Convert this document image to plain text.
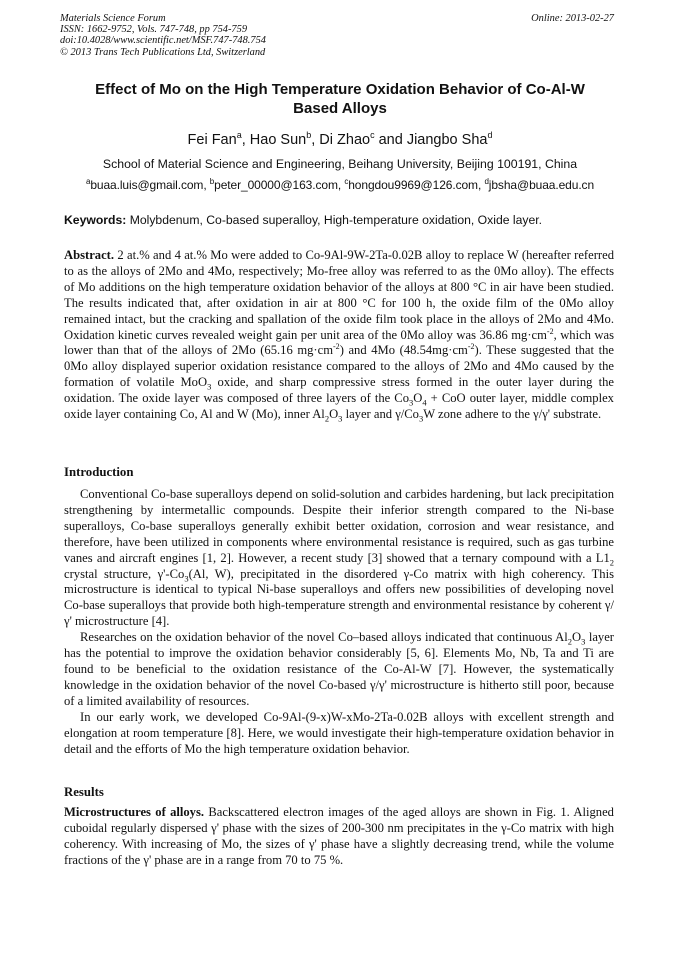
Materials Science Forum
ISSN: 1662-9752, Vols. 747-748, pp 754-759
doi:10.4028/www.scientific.net/MSF.747-748.754
© 2013 Trans Tech Publications Ltd, Switzerland
Online: 2013-02-27
Effect of Mo on the High Temperature Oxidation Behavior of Co-Al-W
Based Alloys
Fei Fan$^a$, Hao Sun$^b$, Di Zhao$^c$ and Jiangbo Sha$^d$
School of Material Science and Engineering, Beihang University, Beijing 100191, China
$^a$buaa.luis@gmail.com, $^b$peter_00000@163.com, $^c$hongdou9969@126.com, $^d$jbsha@buaa.edu.cn
Keywords: Molybdenum, Co-based superalloy, High-temperature oxidation, Oxide layer.

Abstract. 2 at.% and 4 at.% Mo were added to Co-9Al-9W-2Ta-0.02B alloy to replace W (hereafter referred to as the alloys of 2Mo and 4Mo, respectively; Mo-free alloy was referred to as the 0Mo alloy). The effects of Mo additions on the high temperature oxidation behavior of the alloys at 800 °C in air have been studied. The results indicated that, after oxidation in air at 800 °C for 100 h, the oxide film of the 0Mo alloy remained intact, but the cracking and spallation of the oxide film took place in the alloys of 2Mo and 4Mo. Oxidation kinetic curves revealed weight gain per unit area of the 0Mo alloy was 36.86 $mg\cdot cm^{-2}$, which was lower than that of the alloys of 2Mo (65.16 $mg\cdot cm^{-2}$) and 4Mo $(48.54mg\cdot cm^{-2})$. These suggested that the 0Mo alloy displayed superior oxidation resistance compared to the alloys of 2Mo and 4Mo caused by the formation of volatile MoO$_3$ oxide, and sharp compressive stress formed in the outer layer during the oxidation. The oxide layer was composed of three layers of the $Co_3O_4$ + CoO outer layer, middle complex oxide layer containing Co, Al and W (Mo), inner $Al_2O_3$ layer and $\gamma/Co_3W$ zone adhere to the γ/γ' substrate.

Introduction

Conventional Co-base superalloys depend on solid-solution and carbides hardening, but lack precipitation strengthening by intermetallic compounds. Despite their inferior strength compared to the Ni-base superalloys, Co-base superalloys generally exhibit better oxidation, corrosion and wear resistance, and therefore, have been utilized in components where environmental resistance is required, such as gas turbine vanes and aircraft engines [1, 2]. However, a recent study [3] showed that a ternary compound with a $L1_2$ crystal structure, $\gamma'-Co_3(Al$, W), precipitated in the disordered γ-Co matrix with high coherency. This microstructure is identical to typical Ni-base superalloys and offers new possibilities of developing novel Co-base superalloys that provide both high-temperature strength and environmental resistance by coherent γ/γ' microstructure [4].

Researches on the oxidation behavior of the novel Co–based alloys indicated that continuous $Al_2O_3$ layer has the potential to improve the oxidation behavior considerably [5, 6]. Elements Mo, Nb, Ta and Ti are found to be beneficial to the oxidation resistance of the Co-Al-W [7]. However, the systematically knowledge in the oxidation behavior of the novel Co-based γ/γ' microstructure is hitherto still poor, because of a limited availability of resources.

In our early work, we developed Co-9Al-(9-x)W-xMo-2Ta-0.02B alloys with excellent strength and elongation at room temperature [8]. Here, we would investigate their high-temperature oxidation behavior in detail and the efforts of Mo the high temperature oxidation behavior.

Results

Microstructures of alloys. Backscattered electron images of the aged alloys are shown in Fig. 1. Aligned cuboidal regularly dispersed γ' phase with the sizes of 200-300 nm precipitates in the γ-Co matrix with high coherency. With increasing of Mo, the sizes of γ' phase have a slightly decreasing trend, while the volume fractions of the γ' phase are in a range from 70 to 75 %.
